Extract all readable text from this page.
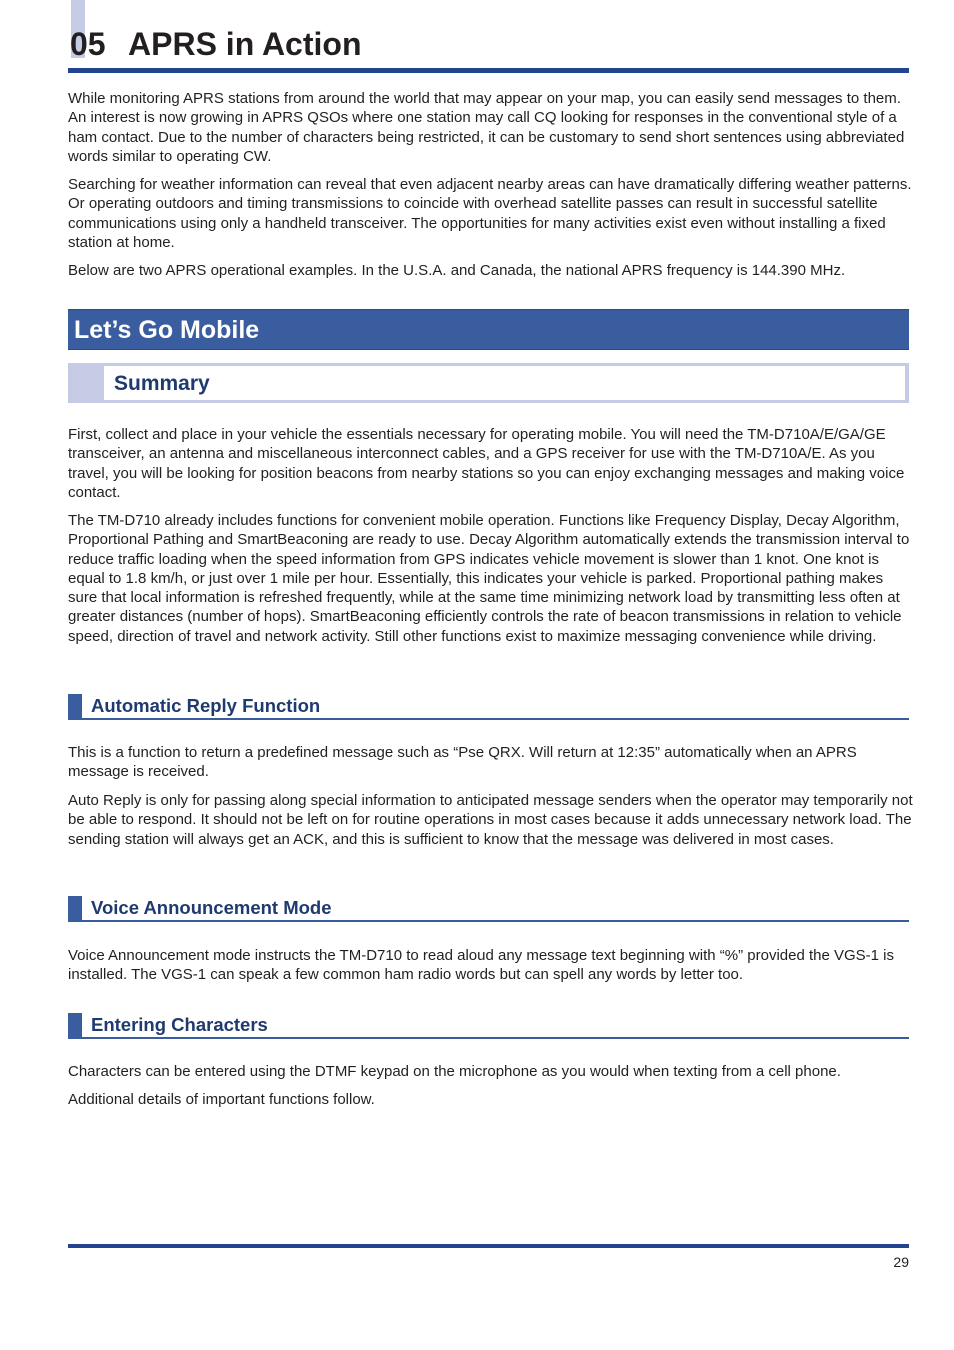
05 APRS in Action

While monitoring APRS stations from around the world that may appear on your map, you can easily send messages to them. An interest is now growing in APRS QSOs where one station may call CQ looking for responses in the conventional style of a ham contact. Due to the number of characters being restricted, it can be customary to send short sentences using abbreviated words similar to operating CW.

Searching for weather information can reveal that even adjacent nearby areas can have dramatically differing weather patterns. Or operating outdoors and timing transmissions to coincide with overhead satellite passes can result in successful satellite communications using only a handheld transceiver. The opportunities for many activities exist even without installing a fixed station at home.

Below are two APRS operational examples. In the U.S.A. and Canada, the national APRS frequency is 144.390 MHz.

Let’s Go Mobile
Summary

First, collect and place in your vehicle the essentials necessary for operating mobile. You will need the TM-D710A/E/GA/GE transceiver, an antenna and miscellaneous interconnect cables, and a GPS receiver for use with the TM-D710A/E. As you travel, you will be looking for position beacons from nearby stations so you can enjoy exchanging messages and making voice contact.

The TM-D710 already includes functions for convenient mobile operation. Functions like Frequency Display, Decay Algorithm, Proportional Pathing and SmartBeaconing are ready to use. Decay Algorithm automatically extends the transmission interval to reduce traffic loading when the speed information from GPS indicates vehicle movement is slower than 1 knot. One knot is equal to 1.8 km/h, or just over 1 mile per hour. Essentially, this indicates your vehicle is parked. Proportional pathing makes sure that local information is refreshed frequently, while at the same time minimizing network load by transmitting less often at greater distances (number of hops). SmartBeaconing efficiently controls the rate of beacon transmissions in relation to vehicle speed, direction of travel and network activity. Still other functions exist to maximize messaging convenience while driving.

Automatic Reply Function

This is a function to return a predefined message such as “Pse QRX. Will return at 12:35” automatically when an APRS message is received.

Auto Reply is only for passing along special information to anticipated message senders when the operator may temporarily not be able to respond. It should not be left on for routine operations in most cases because it adds unnecessary network load. The sending station will always get an ACK, and this is sufficient to know that the message was delivered in most cases.

Voice Announcement Mode

Voice Announcement mode instructs the TM-D710 to read aloud any message text beginning with “%” provided the VGS-1 is installed. The VGS-1 can speak a few common ham radio words but can spell any words by letter too.

Entering Characters

Characters can be entered using the DTMF keypad on the microphone as you would when texting from a cell phone.

Additional details of important functions follow.

29
